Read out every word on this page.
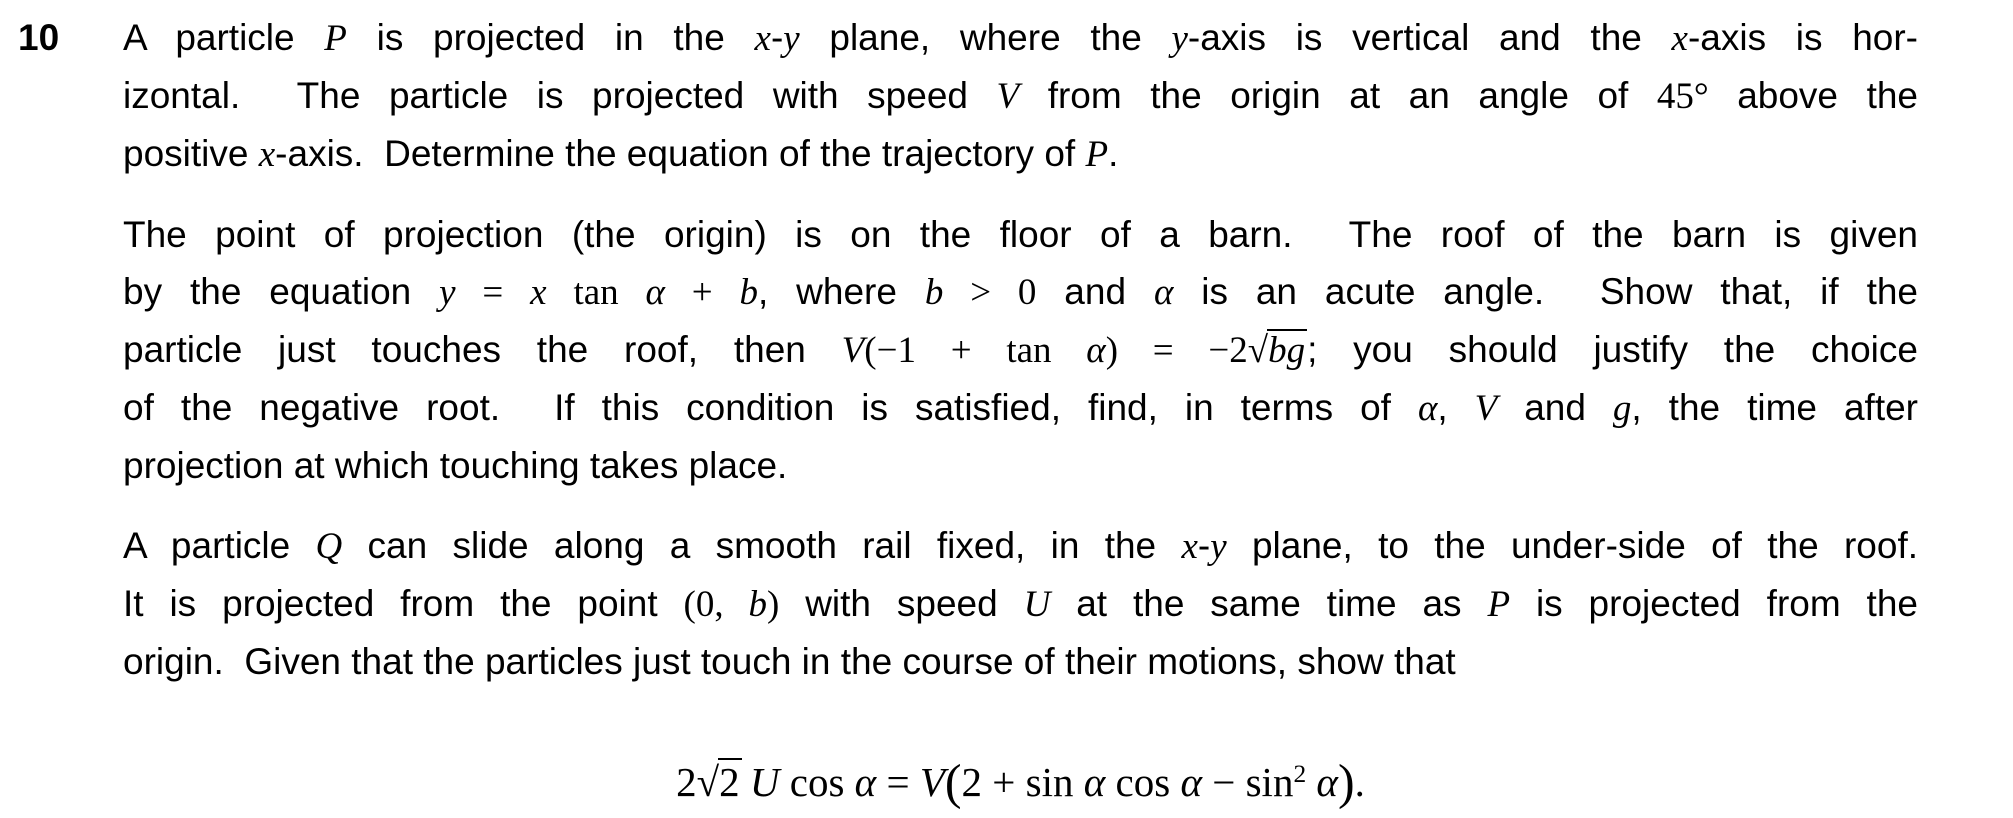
10 A particle P is projected in the x-y plane, where the y-axis is vertical and the x-axis is hor-
izontal.  The particle is projected with speed V from the origin at an angle of 45° above the
positive x-axis.  Determine the equation of the trajectory of P.
The point of projection (the origin) is on the floor of a barn.  The roof of the barn is given
by the equation y = x tan α + b, where b > 0 and α is an acute angle.  Show that, if the
particle just touches the roof, then V(−1 + tan α) = −2√bg; you should justify the choice
of the negative root.  If this condition is satisfied, find, in terms of α, V and g, the time after
projection at which touching takes place.
A particle Q can slide along a smooth rail fixed, in the x-y plane, to the under-side of the roof.
It is projected from the point (0, b) with speed U at the same time as P is projected from the
origin.  Given that the particles just touch in the course of their motions, show that
2√2  U cos α = V(2 + sin α $\cos \alpha - \sin^2 \alpha$).
